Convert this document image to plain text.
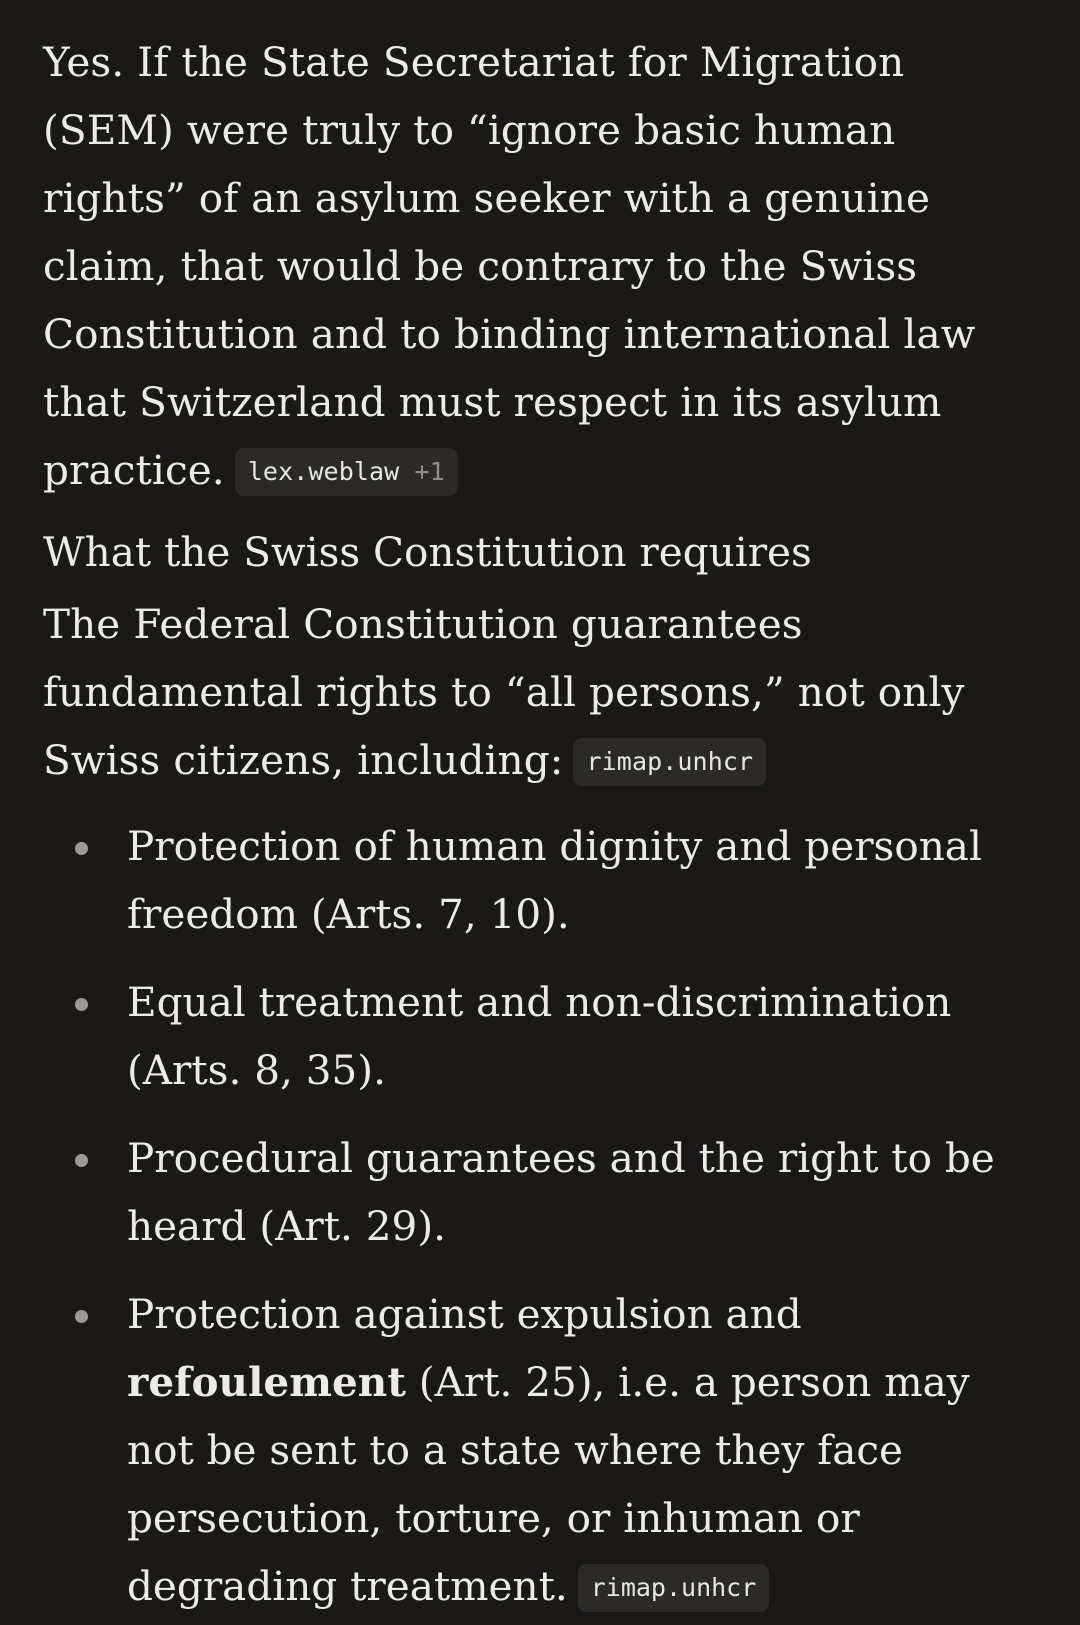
Yes. If the State Secretariat for Migration (SEM) were truly to “ignore basic human rights” of an asylum seeker with a genuine claim, that would be contrary to the Swiss Constitution and to binding international law that Switzerland must respect in its asylum practice. lex.weblaw +1

What the Swiss Constitution requires

The Federal Constitution guarantees fundamental rights to “all persons,” not only Swiss citizens, including: rimap.unhcr

Protection of human dignity and personal freedom (Arts. 7, 10).
Equal treatment and non-discrimination (Arts. 8, 35).
Procedural guarantees and the right to be heard (Art. 29).
Protection against expulsion and refoulement (Art. 25), i.e. a person may not be sent to a state where they face persecution, torture, or inhuman or degrading treatment. rimap.unhcr
